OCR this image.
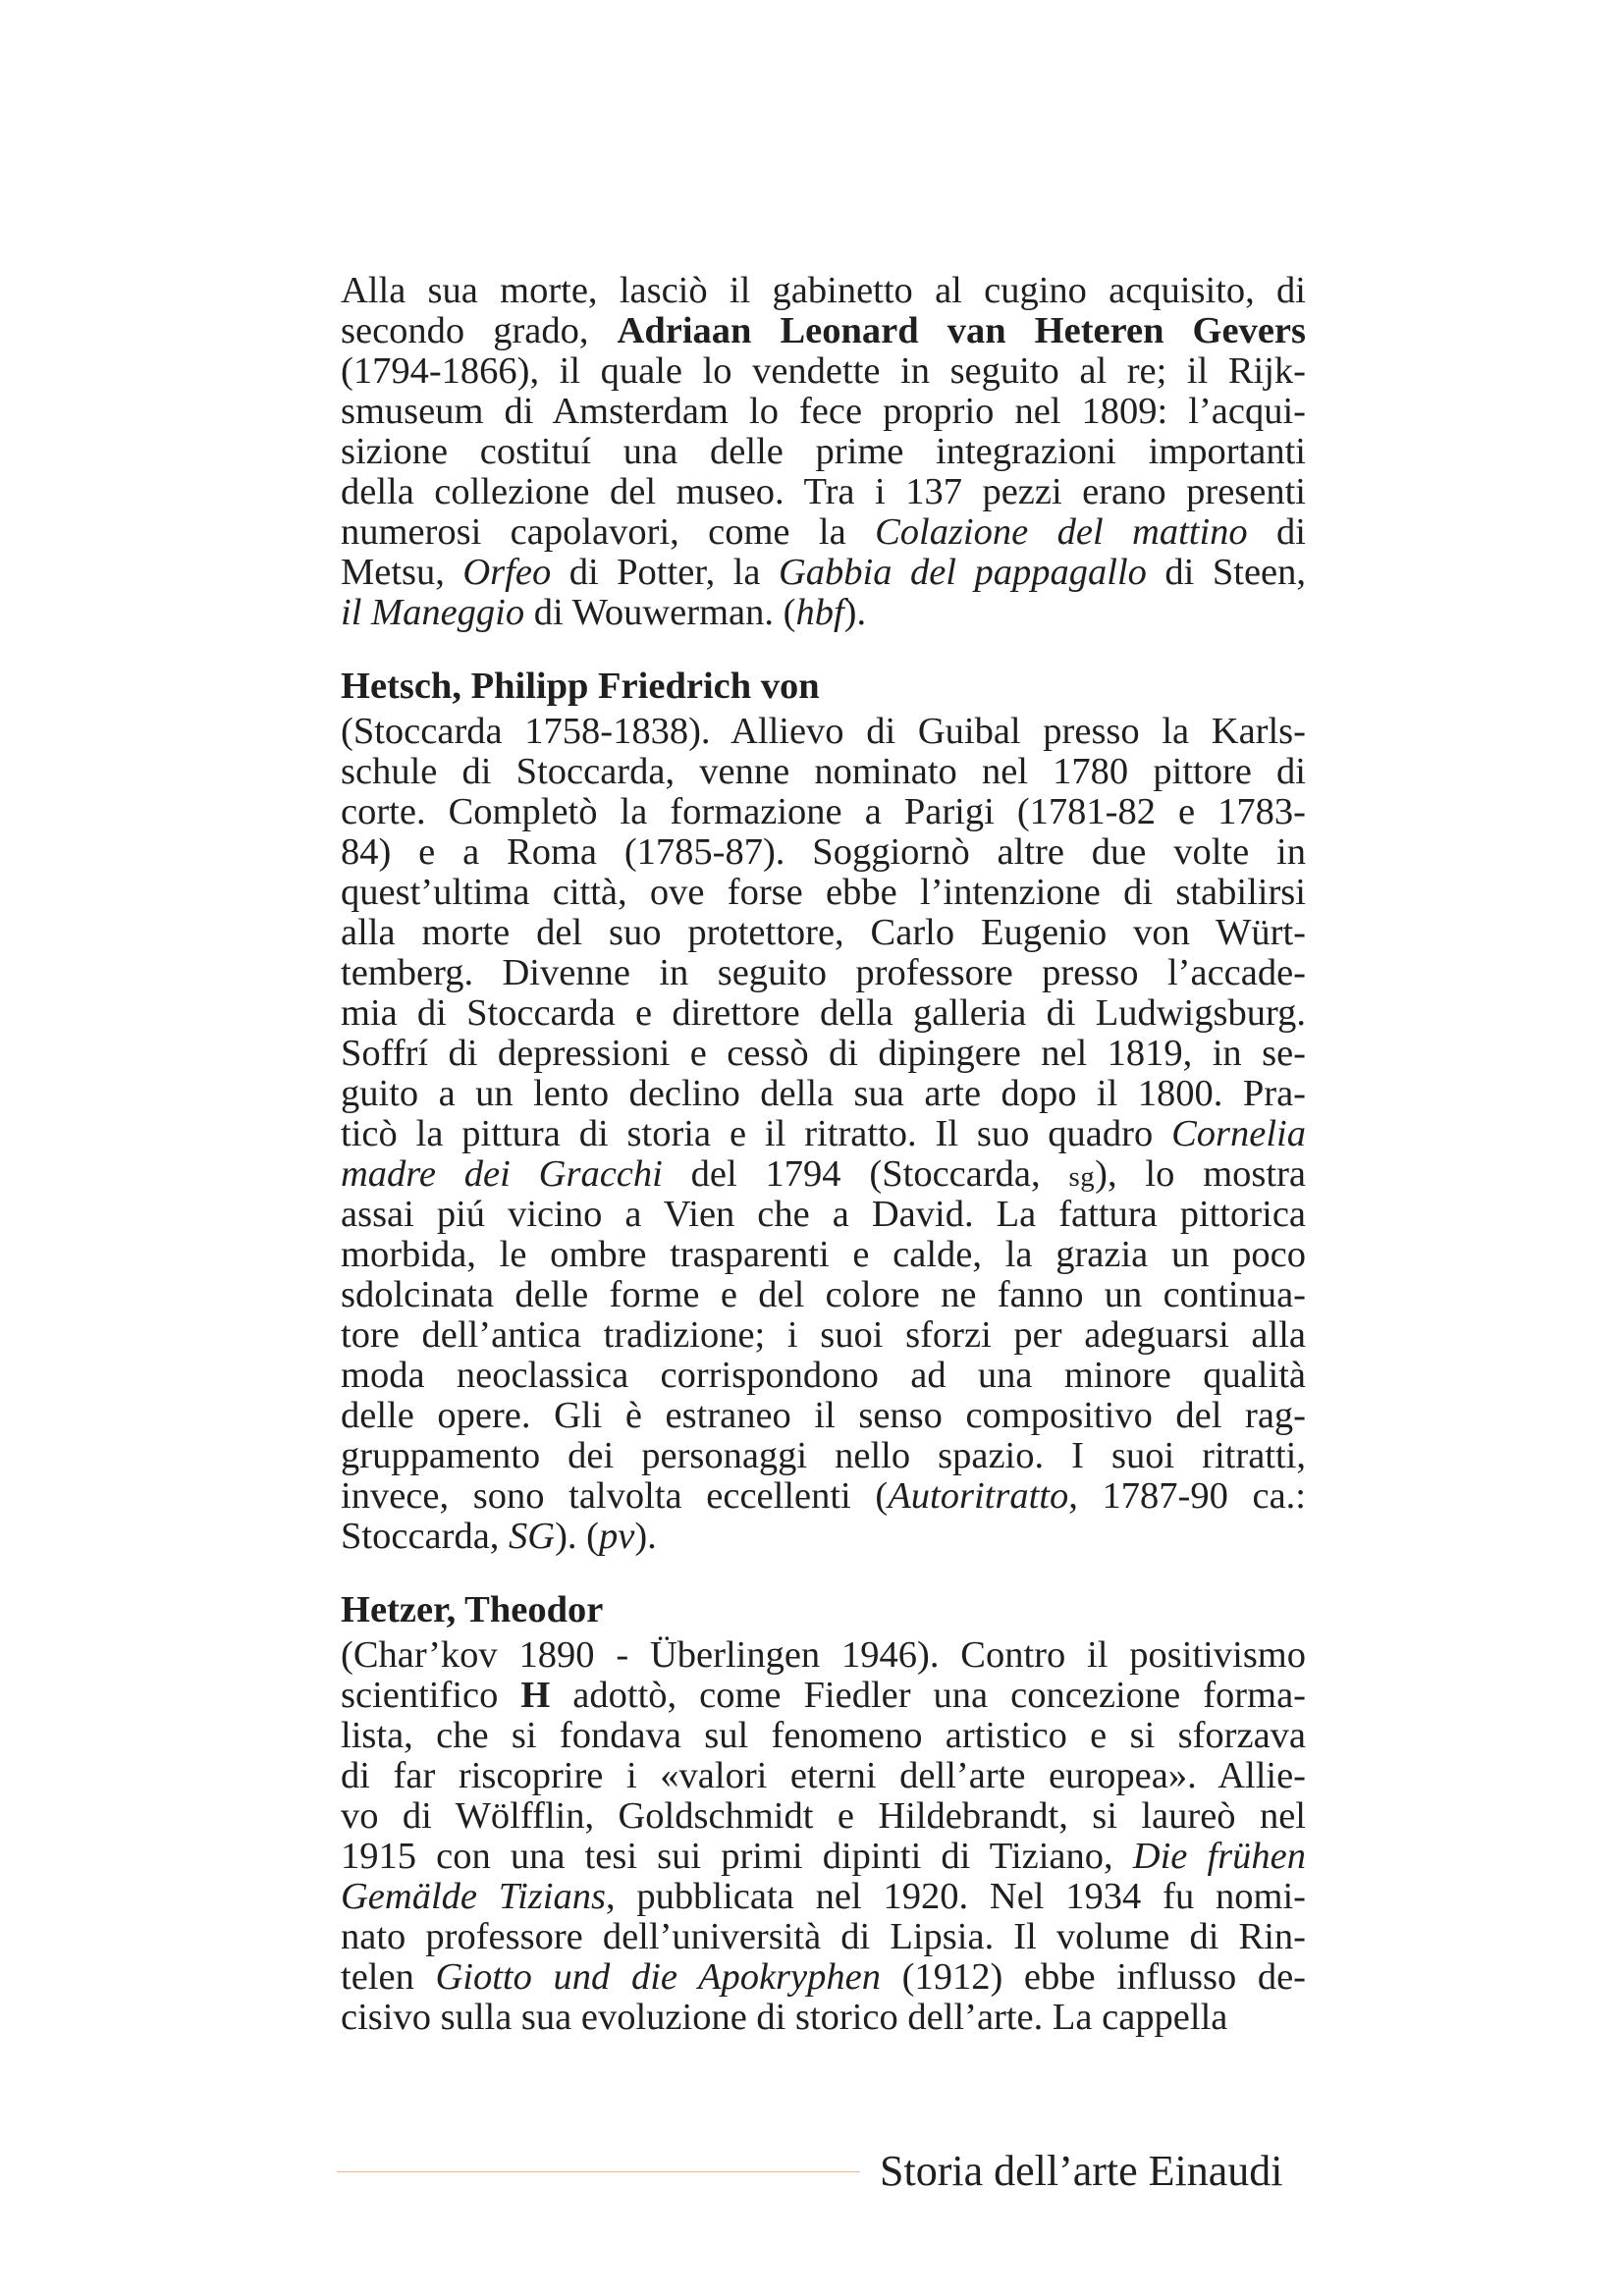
Alla sua morte, lasciò il gabinetto al cugino acquisito, di
secondo grado, Adriaan Leonard van Heteren Gevers
(1794-1866), il quale lo vendette in seguito al re; il Rijk-
smuseum di Amsterdam lo fece proprio nel 1809: l’acqui-
sizione costituí una delle prime integrazioni importanti
della collezione del museo. Tra i 137 pezzi erano presenti
numerosi capolavori, come la Colazione del mattino di
Metsu, Orfeo di Potter, la Gabbia del pappagallo di Steen,
il Maneggio di Wouwerman. (hbf).
Hetsch, Philipp Friedrich von
(Stoccarda 1758-1838). Allievo di Guibal presso la Karls-
schule di Stoccarda, venne nominato nel 1780 pittore di
corte. Completò la formazione a Parigi (1781-82 e 1783-
84) e a Roma (1785-87). Soggiornò altre due volte in
quest’ultima città, ove forse ebbe l’intenzione di stabilirsi
alla morte del suo protettore, Carlo Eugenio von Würt-
temberg. Divenne in seguito professore presso l’accade-
mia di Stoccarda e direttore della galleria di Ludwigsburg.
Soffrí di depressioni e cessò di dipingere nel 1819, in se-
guito a un lento declino della sua arte dopo il 1800. Pra-
ticò la pittura di storia e il ritratto. Il suo quadro Cornelia
madre dei Gracchi del 1794 (Stoccarda, sg), lo mostra
assai piú vicino a Vien che a David. La fattura pittorica
morbida, le ombre trasparenti e calde, la grazia un poco
sdolcinata delle forme e del colore ne fanno un continua-
tore dell’antica tradizione; i suoi sforzi per adeguarsi alla
moda neoclassica corrispondono ad una minore qualità
delle opere. Gli è estraneo il senso compositivo del rag-
gruppamento dei personaggi nello spazio. I suoi ritratti,
invece, sono talvolta eccellenti (Autoritratto, 1787-90 ca.:
Stoccarda, SG). (pv).
Hetzer, Theodor
(Char’kov 1890 - Überlingen 1946). Contro il positivismo
scientifico H adottò, come Fiedler una concezione forma-
lista, che si fondava sul fenomeno artistico e si sforzava
di far riscoprire i «valori eterni dell’arte europea». Allie-
vo di Wölfflin, Goldschmidt e Hildebrandt, si laureò nel
1915 con una tesi sui primi dipinti di Tiziano, Die frühen
Gemälde Tizians, pubblicata nel 1920. Nel 1934 fu nomi-
nato professore dell’università di Lipsia. Il volume di Rin-
telen Giotto und die Apokryphen (1912) ebbe influsso de-
cisivo sulla sua evoluzione di storico dell’arte. La cappella
Storia dell’arte Einaudi
